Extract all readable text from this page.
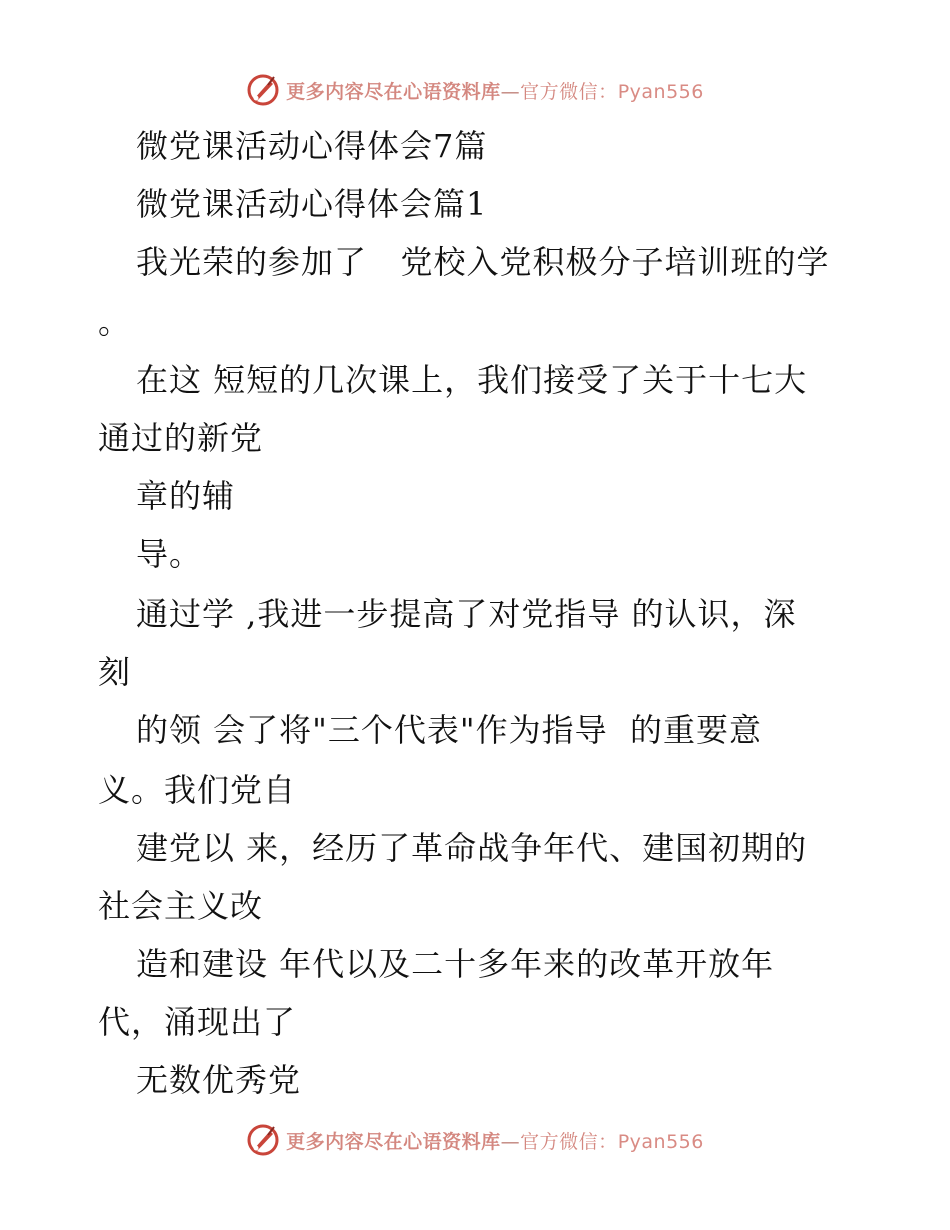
更多内容尽在心语资料库—官方微信：Pyan556
微党课活动心得体会7篇
微党课活动心得体会篇1
我光荣的参加了   党校入党积极分子培训班的学
。
在这 短短的几次课上，我们接受了关于十七大
通过的新党
章的辅
导。
通过学 ,我进一步提高了对党指导 的认识，深
刻
的领 会了将"三个代表"作为指导  的重要意
义。我们党自
建党以 来，经历了革命战争年代、建国初期的
社会主义改
造和建设 年代以及二十多年来的改革开放年
代，涌现出了
无数优秀党
更多内容尽在心语资料库—官方微信：Pyan556
